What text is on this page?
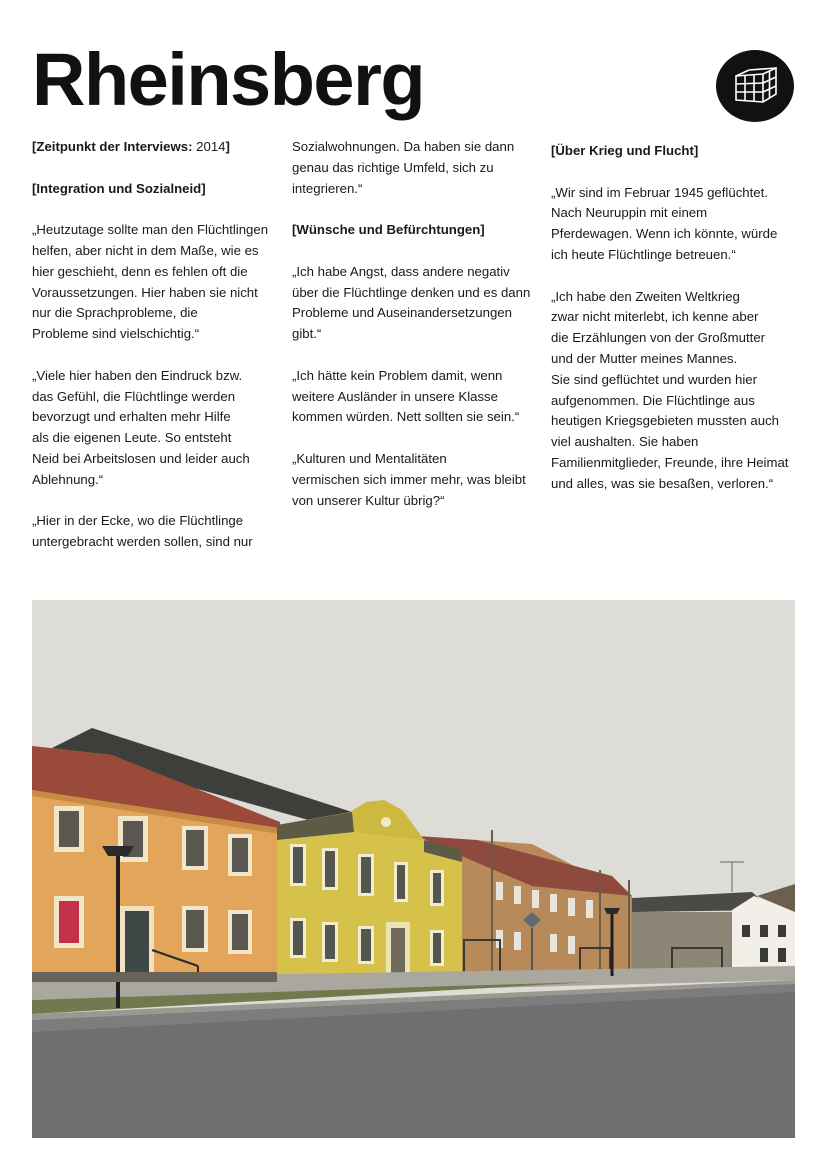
Rheinsberg

[Zeitpunkt der Interviews: 2014]

[Integration und Sozialneid]

„Heutzutage sollte man den Flüchtlingen
helfen, aber nicht in dem Maße, wie es
hier geschieht, denn es fehlen oft die
Voraussetzungen. Hier haben sie nicht
nur die Sprachprobleme, die
Probleme sind vielschichtig.“

„Viele hier haben den Eindruck bzw.
das Gefühl, die Flüchtlinge werden
bevorzugt und erhalten mehr Hilfe
als die eigenen Leute. So entsteht
Neid bei Arbeitslosen und leider auch
Ablehnung.“

„Hier in der Ecke, wo die Flüchtlinge
untergebracht werden sollen, sind nur

Sozialwohnungen. Da haben sie dann
genau das richtige Umfeld, sich zu
integrieren.“

[Wünsche und Befürchtungen]

„Ich habe Angst, dass andere negativ
über die Flüchtlinge denken und es dann
Probleme und Auseinandersetzungen
gibt.“

„Ich hätte kein Problem damit, wenn
weitere Ausländer in unsere Klasse
kommen würden. Nett sollten sie sein.“

„Kulturen und Mentalitäten
vermischen sich immer mehr, was bleibt
von unserer Kultur übrig?“

[Über Krieg und Flucht]

„Wir sind im Februar 1945 geflüchtet.
Nach Neuruppin mit einem
Pferdewagen. Wenn ich könnte, würde
ich heute Flüchtlinge betreuen.“

„Ich habe den Zweiten Weltkrieg
zwar nicht miterlebt, ich kenne aber
die Erzählungen von der Großmutter
und der Mutter meines Mannes.
Sie sind geflüchtet und wurden hier
aufgenommen. Die Flüchtlinge aus
heutigen Kriegsgebieten mussten auch
viel aushalten. Sie haben
Familienmitglieder, Freunde, ihre Heimat
und alles, was sie besaßen, verloren.“
